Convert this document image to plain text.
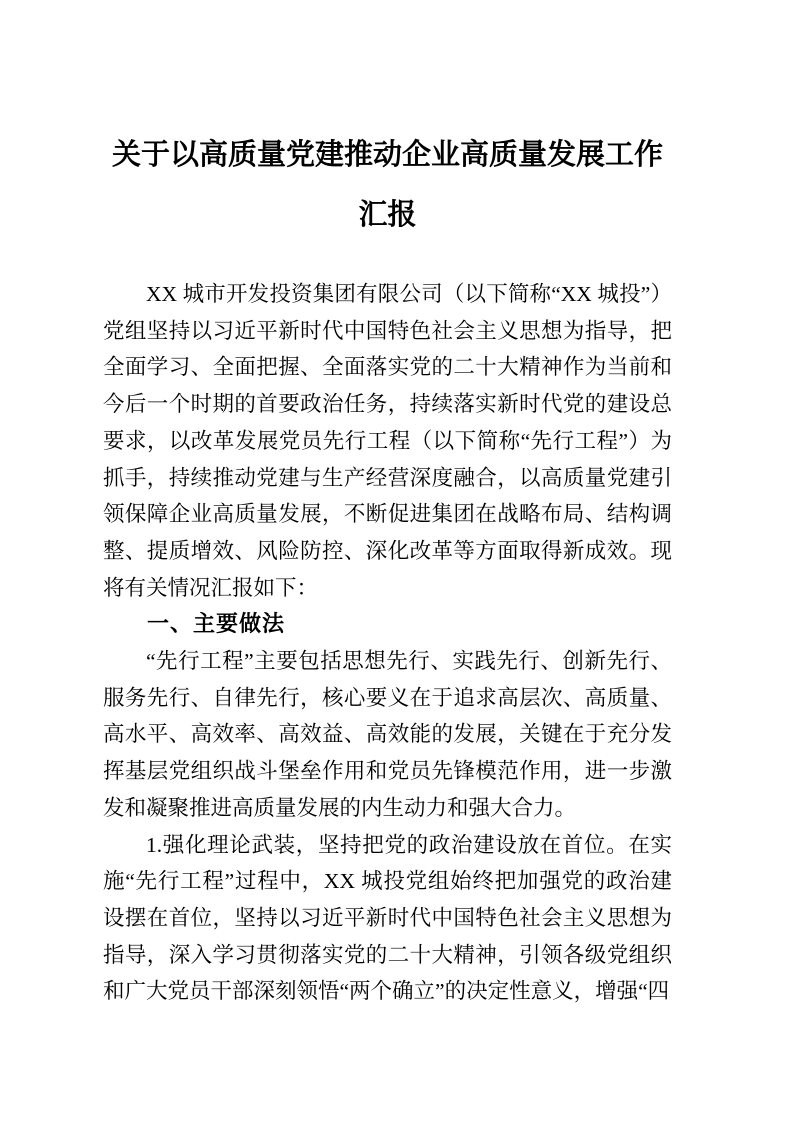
关于以高质量党建推动企业高质量发展工作汇报

XX 城市开发投资集团有限公司（以下简称“XX 城投”）党组坚持以习近平新时代中国特色社会主义思想为指导，把全面学习、全面把握、全面落实党的二十大精神作为当前和今后一个时期的首要政治任务，持续落实新时代党的建设总要求，以改革发展党员先行工程（以下简称“先行工程”）为抓手，持续推动党建与生产经营深度融合，以高质量党建引领保障企业高质量发展，不断促进集团在战略布局、结构调整、提质增效、风险防控、深化改革等方面取得新成效。现将有关情况汇报如下：

一、主要做法

“先行工程”主要包括思想先行、实践先行、创新先行、服务先行、自律先行，核心要义在于追求高层次、高质量、高水平、高效率、高效益、高效能的发展，关键在于充分发挥基层党组织战斗堡垒作用和党员先锋模范作用，进一步激发和凝聚推进高质量发展的内生动力和强大合力。

1.强化理论武装，坚持把党的政治建设放在首位。在实施“先行工程”过程中，XX 城投党组始终把加强党的政治建设摆在首位，坚持以习近平新时代中国特色社会主义思想为指导，深入学习贯彻落实党的二十大精神，引领各级党组织和广大党员干部深刻领悟“两个确立”的决定性意义，增强“四
